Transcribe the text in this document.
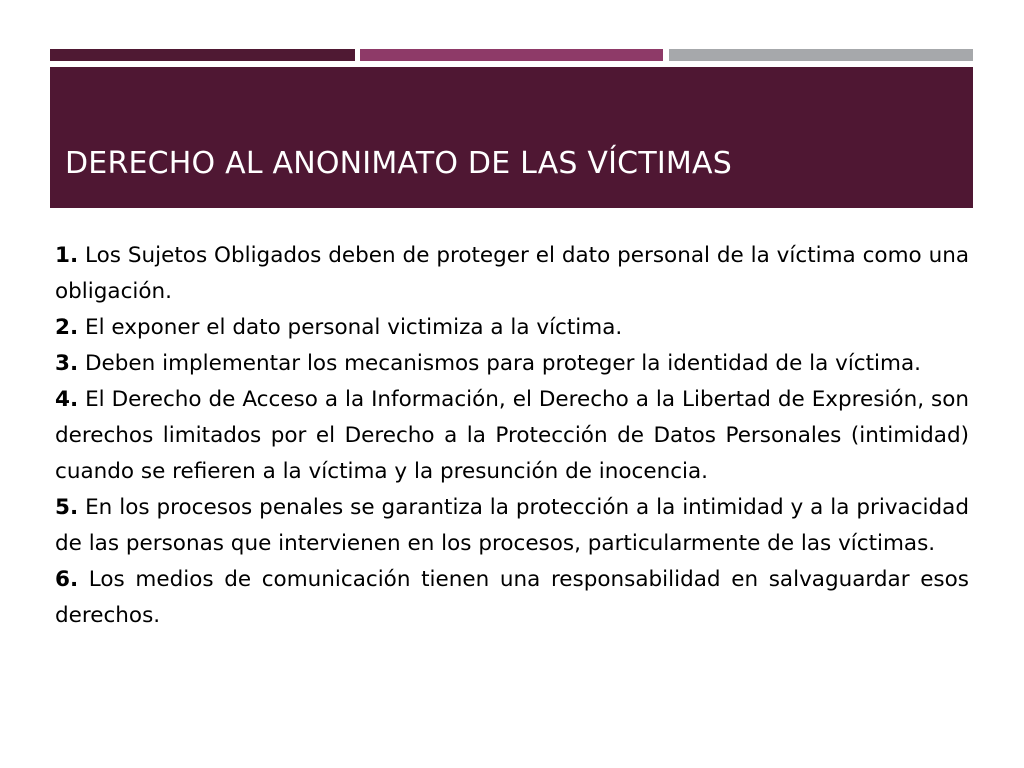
DERECHO AL ANONIMATO DE LAS VÍCTIMAS
1. Los Sujetos Obligados deben de proteger el dato personal de la víctima como una obligación.
2. El exponer el dato personal victimiza a la víctima.
3. Deben implementar los mecanismos para proteger la identidad de la víctima.
4. El Derecho de Acceso a la Información, el Derecho a la Libertad de Expresión, son derechos limitados por el Derecho a la Protección de Datos Personales (intimidad) cuando se refieren a la víctima y la presunción de inocencia.
5. En los procesos penales se garantiza la protección a la intimidad y a la privacidad de las personas que intervienen en los procesos, particularmente de las víctimas.
6. Los medios de comunicación tienen una responsabilidad en salvaguardar esos derechos.
